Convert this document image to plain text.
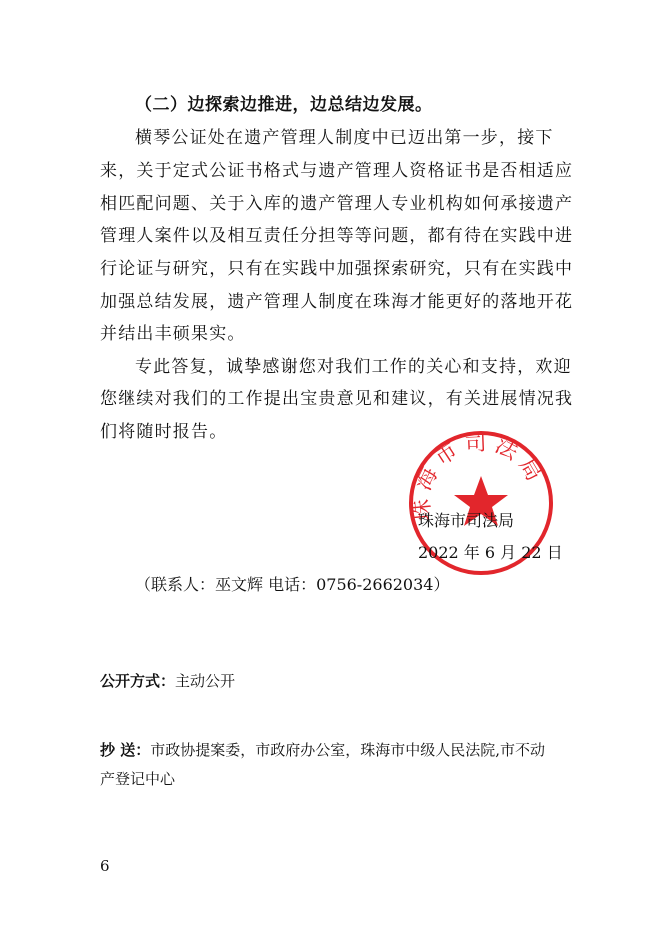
（二）边探索边推进，边总结边发展。
横琴公证处在遗产管理人制度中已迈出第一步，接下
来，关于定式公证书格式与遗产管理人资格证书是否相适应
相匹配问题、关于入库的遗产管理人专业机构如何承接遗产
管理人案件以及相互责任分担等等问题，都有待在实践中进
行论证与研究，只有在实践中加强探索研究，只有在实践中
加强总结发展，遗产管理人制度在珠海才能更好的落地开花
并结出丰硕果实。
专此答复，诚挚感谢您对我们工作的关心和支持，欢迎
您继续对我们的工作提出宝贵意见和建议，有关进展情况我
们将随时报告。
珠海市司法局
珠海市司法局
2022 年 6 月 22 日
（联系人：巫文辉 电话：0756-2662034）
公开方式：主动公开
抄 送：市政协提案委，市政府办公室，珠海市中级人民法院,市不动
产登记中心
6
